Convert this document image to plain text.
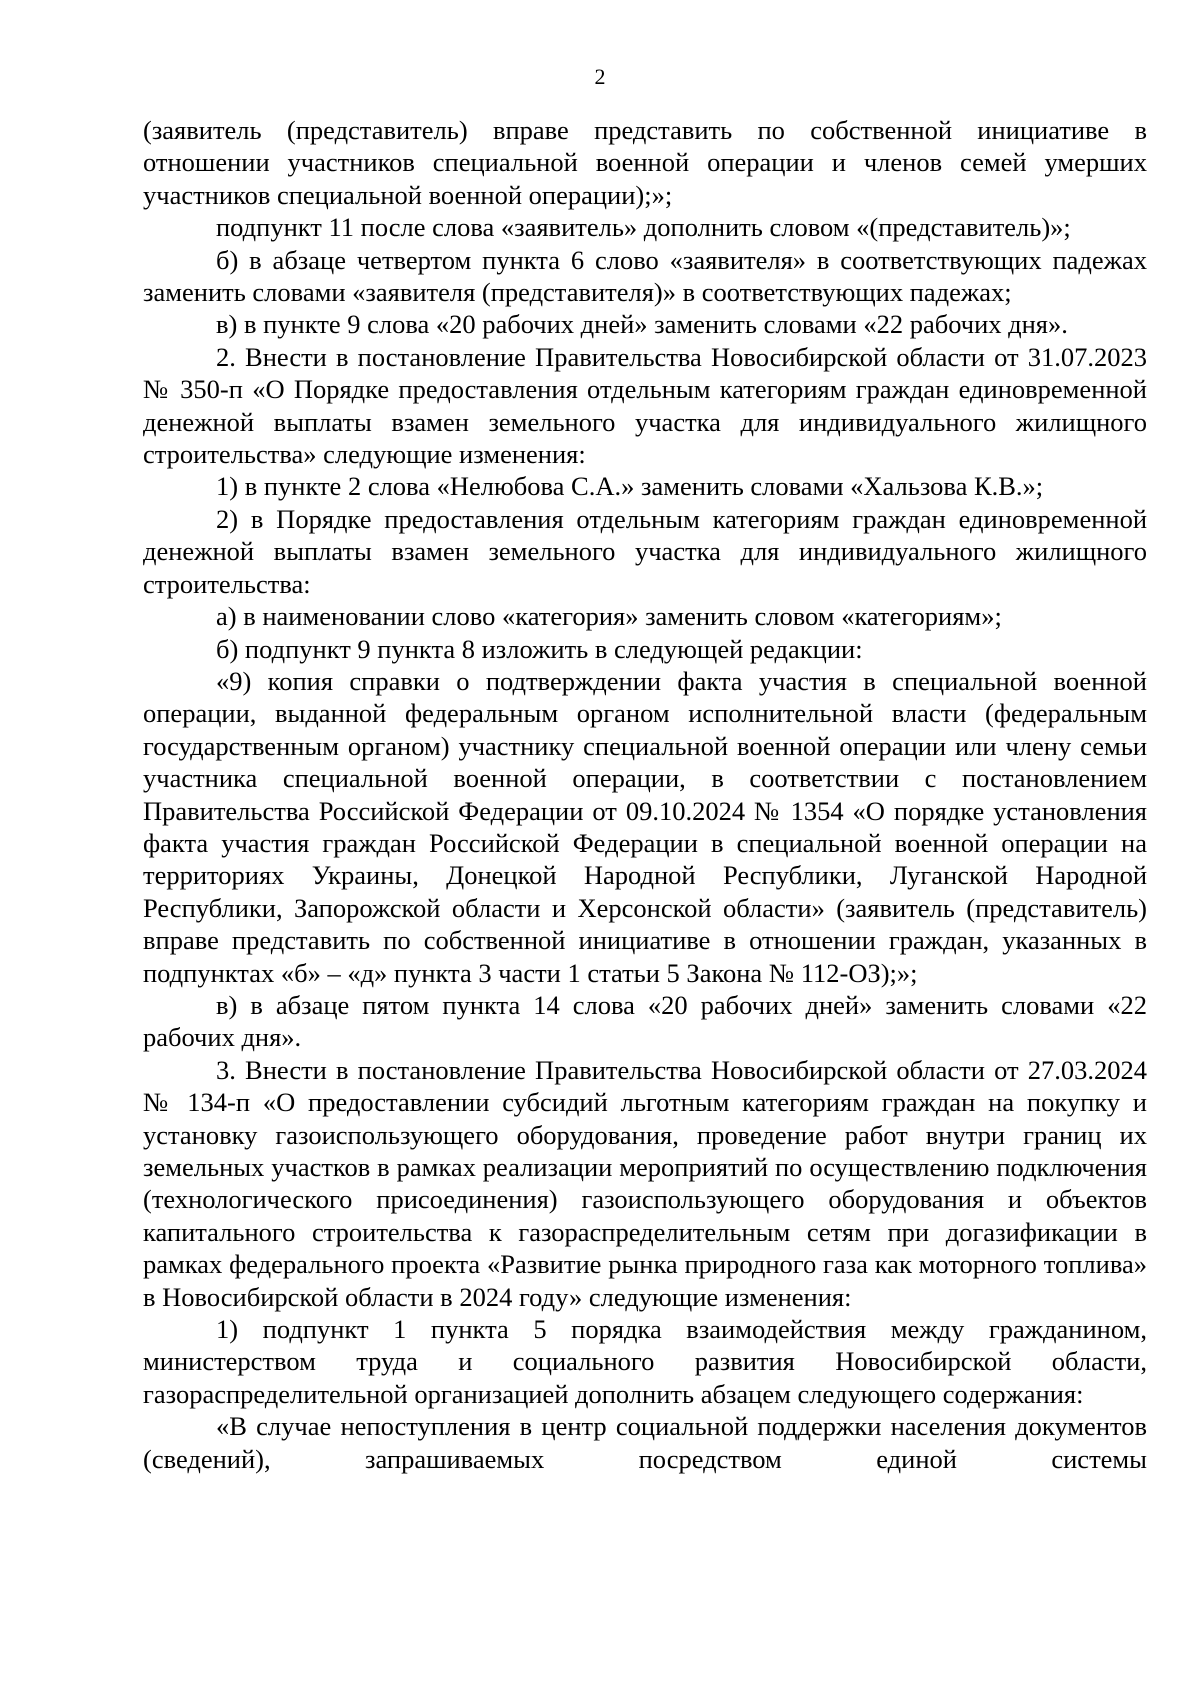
2

(заявитель (представитель) вправе представить по собственной инициативе в отношении участников специальной военной операции и членов семей умерших участников специальной военной операции);»;

подпункт 11 после слова «заявитель» дополнить словом «(представитель)»;

б) в абзаце четвертом пункта 6 слово «заявителя» в соответствующих падежах заменить словами «заявителя (представителя)» в соответствующих падежах;

в) в пункте 9 слова «20 рабочих дней» заменить словами «22 рабочих дня».

2. Внести в постановление Правительства Новосибирской области от 31.07.2023 № 350-п «О Порядке предоставления отдельным категориям граждан единовременной денежной выплаты взамен земельного участка для индивидуального жилищного строительства» следующие изменения:

1) в пункте 2 слова «Нелюбова С.А.» заменить словами «Хальзова К.В.»;

2) в Порядке предоставления отдельным категориям граждан единовременной денежной выплаты взамен земельного участка для индивидуального жилищного строительства:

а) в наименовании слово «категория» заменить словом «категориям»;

б) подпункт 9 пункта 8 изложить в следующей редакции:

«9) копия справки о подтверждении факта участия в специальной военной операции, выданной федеральным органом исполнительной власти (федеральным государственным органом) участнику специальной военной операции или члену семьи участника специальной военной операции, в соответствии с постановлением Правительства Российской Федерации от 09.10.2024 № 1354 «О порядке установления факта участия граждан Российской Федерации в специальной военной операции на территориях Украины, Донецкой Народной Республики, Луганской Народной Республики, Запорожской области и Херсонской области» (заявитель (представитель) вправе представить по собственной инициативе в отношении граждан, указанных в подпунктах «б» – «д» пункта 3 части 1 статьи 5 Закона № 112-ОЗ);»;

в) в абзаце пятом пункта 14 слова «20 рабочих дней» заменить словами «22 рабочих дня».

3. Внести в постановление Правительства Новосибирской области от 27.03.2024 № 134-п «О предоставлении субсидий льготным категориям граждан на покупку и установку газоиспользующего оборудования, проведение работ внутри границ их земельных участков в рамках реализации мероприятий по осуществлению подключения (технологического присоединения) газоиспользующего оборудования и объектов капитального строительства к газораспределительным сетям при догазификации в рамках федерального проекта «Развитие рынка природного газа как моторного топлива» в Новосибирской области в 2024 году» следующие изменения:

1) подпункт 1 пункта 5 порядка взаимодействия между гражданином, министерством труда и социального развития Новосибирской области, газораспределительной организацией дополнить абзацем следующего содержания:

«В случае непоступления в центр социальной поддержки населения документов (сведений), запрашиваемых посредством единой системы
